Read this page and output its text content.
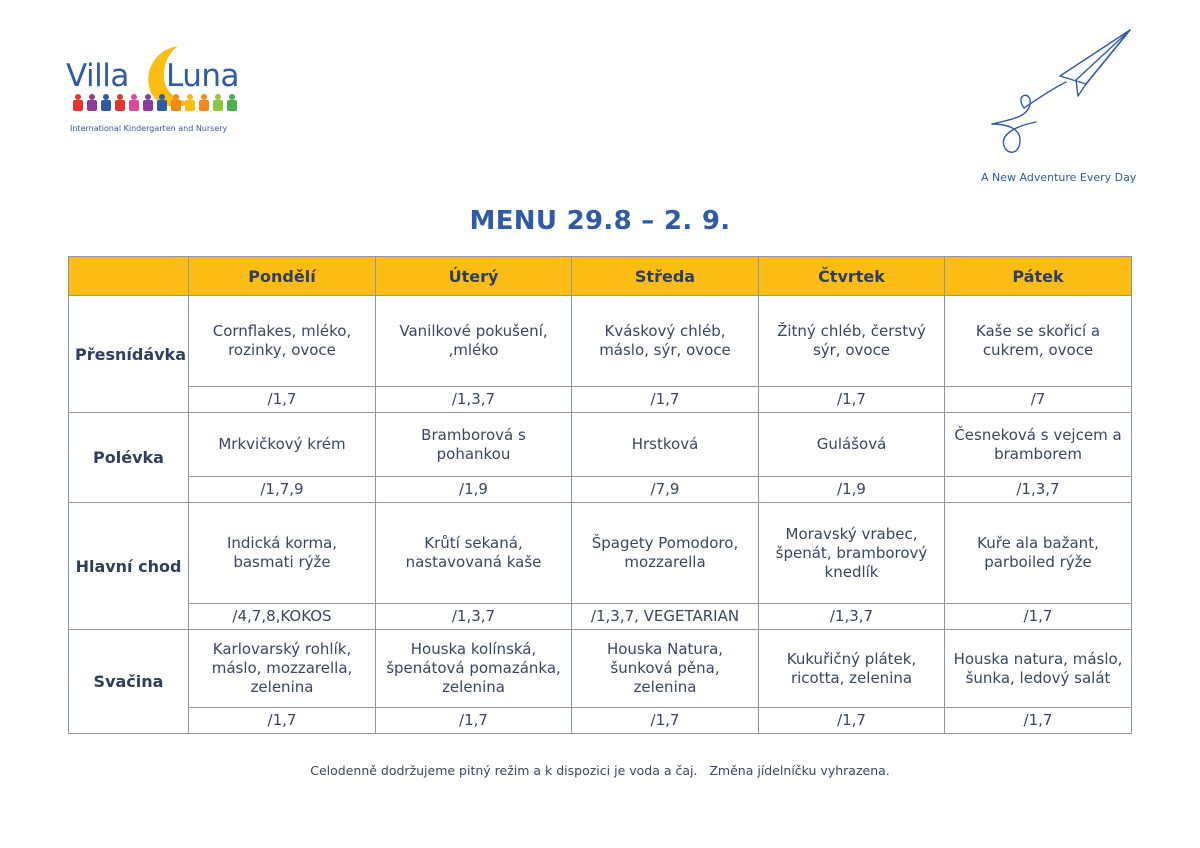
Villa Luna
International Kindergarten and Nursery
A New Adventure Every Day
MENU 29.8 – 2. 9.
	Pondělí	Úterý	Středa	Čtvrtek	Pátek
Přesnídávka	Cornflakes, mléko, rozinky, ovoce	Vanilkové pokušení, ,mléko	Kváskový chléb, máslo, sýr, ovoce	Žitný chléb, čerstvý sýr, ovoce	Kaše se skořicí a cukrem, ovoce
	/1,7	/1,3,7	/1,7	/1,7	/7
Polévka	Mrkvičkový krém	Bramborová s pohankou	Hrstková	Gulášová	Česneková s vejcem a bramborem
	/1,7,9	/1,9	/7,9	/1,9	/1,3,7
Hlavní chod	Indická korma, basmati rýže	Krůtí sekaná, nastavovaná kaše	Špagety Pomodoro, mozzarella	Moravský vrabec, špenát, bramborový knedlík	Kuře ala bažant, parboiled rýže
	/4,7,8,KOKOS	/1,3,7	/1,3,7, VEGETARIAN	/1,3,7	/1,7
Svačina	Karlovarský rohlík, máslo, mozzarella, zelenina	Houska kolínská, špenátová pomazánka, zelenina	Houska Natura, šunková pěna, zelenina	Kukuřičný plátek, ricotta, zelenina	Houska natura, máslo, šunka, ledový salát
	/1,7	/1,7	/1,7	/1,7	/1,7
Celodenně dodržujeme pitný režim a k dispozici je voda a čaj.   Změna jídelníčku vyhrazena.
